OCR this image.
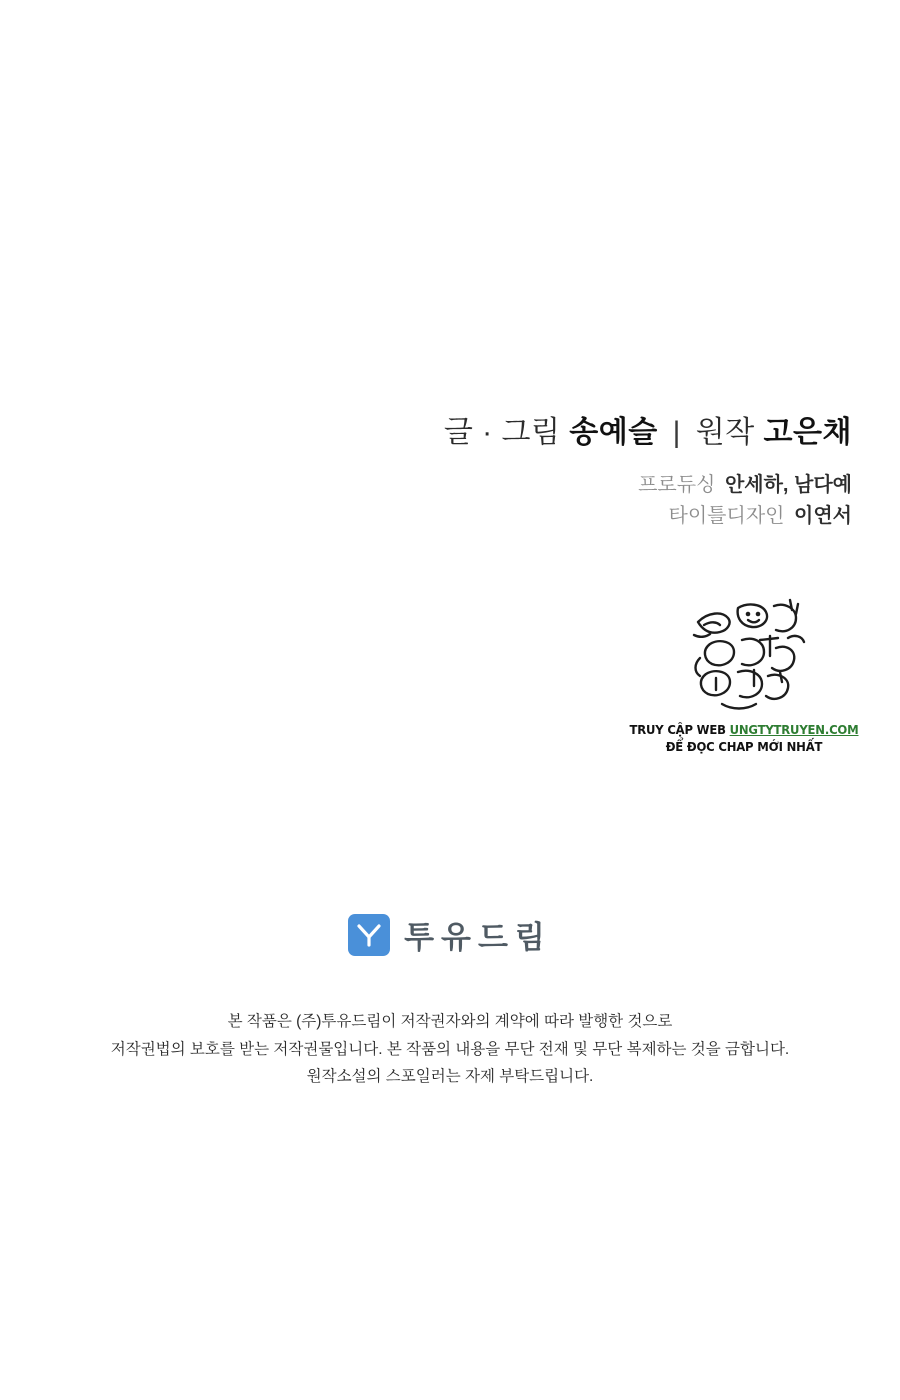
글 · 그림 송예슬 | 원작 고은채
프로듀싱 안세하, 남다예
타이틀디자인 이연서
TRUY CẬP WEB UNGTYTRUYEN.COM
ĐỂ ĐỌC CHAP MỚI NHẤT
투유드림
본 작품은 (주)투유드림이 저작권자와의 계약에 따라 발행한 것으로
저작권법의 보호를 받는 저작권물입니다. 본 작품의 내용을 무단 전재 및 무단 복제하는 것을 금합니다.
원작소설의 스포일러는 자제 부탁드립니다.
